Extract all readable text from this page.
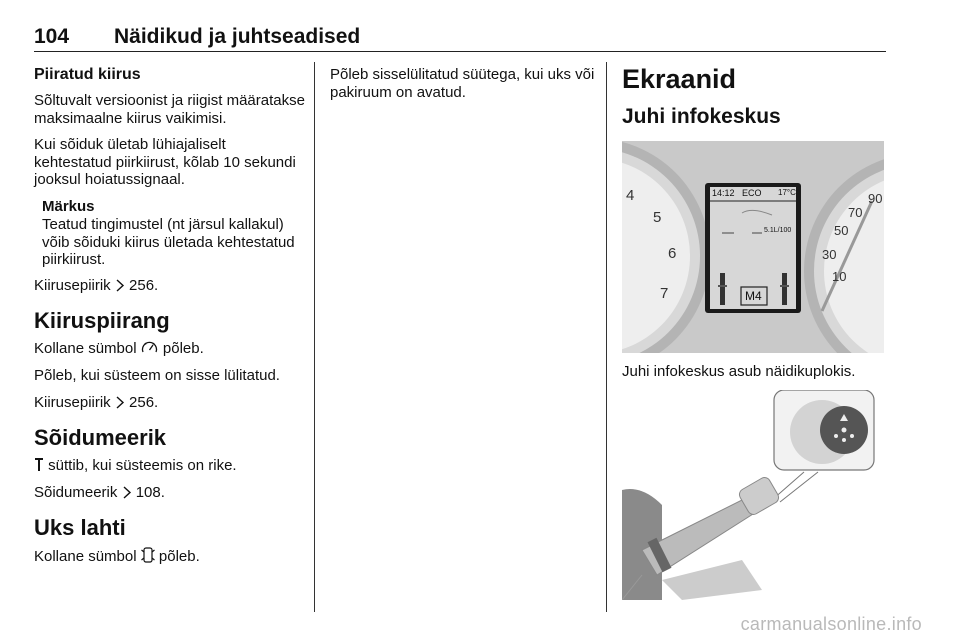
104 Näidikud ja juhtseadised
Piiratud kiirus

Sõltuvalt versioonist ja riigist määratakse maksimaalne kiirus vaikimisi.

Kui sõiduk ületab lühiajaliselt kehtestatud piirkiirust, kõlab 10 sekundi jooksul hoiatussignaal.

Märkus
Teatud tingimustel (nt järsul kallakul) võib sõiduki kiirus ületada kehtestatud piirkiirust.

Kiirusepiirik 256.

Kiiruspiirang

Kollane sümbol põleb.

Põleb, kui süsteem on sisse lülitatud.

Kiirusepiirik 256.

Sõidumeerik

süttib, kui süsteemis on rike.

Sõidumeerik 108.

Uks lahti

Kollane sümbol põleb.

Põleb sisselülitatud süütega, kui uks või pakiruum on avatud.	Ekraanid
Juhi infokeskus
14:12 ECO 17°C
5.1L/100
M4
4
5
6
7
10
30
50
70
90

Juhi infokeskus asub näidikuplokis.

carmanualsonline.info
